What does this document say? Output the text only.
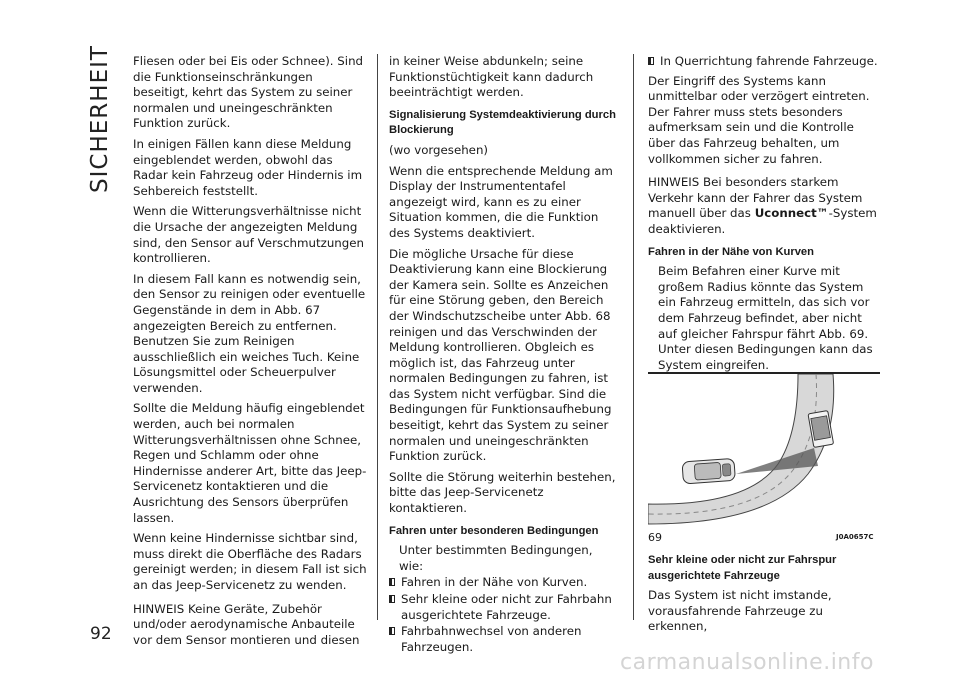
SICHERHEIT Fliesen oder bei Eis oder Schnee). Sind die Funktionseinschränkungen beseitigt, kehrt das System zu seiner normalen und uneingeschränkten Funktion zurück.

In einigen Fällen kann diese Meldung eingeblendet werden, obwohl das Radar kein Fahrzeug oder Hindernis im Sehbereich feststellt.

Wenn die Witterungsverhältnisse nicht die Ursache der angezeigten Meldung sind, den Sensor auf Verschmutzungen kontrollieren.

In diesem Fall kann es notwendig sein, den Sensor zu reinigen oder eventuelle Gegenstände in dem in Abb. 67 angezeigten Bereich zu entfernen. Benutzen Sie zum Reinigen ausschließlich ein weiches Tuch. Keine Lösungsmittel oder Scheuerpulver verwenden.

Sollte die Meldung häufig eingeblendet werden, auch bei normalen Witterungsverhältnissen ohne Schnee, Regen und Schlamm oder ohne Hindernisse anderer Art, bitte das Jeep-Servicenetz kontaktieren und die Ausrichtung des Sensors überprüfen lassen.

Wenn keine Hindernisse sichtbar sind, muss direkt die Oberfläche des Radars gereinigt werden; in diesem Fall ist sich an das Jeep-Servicenetz zu wenden.

HINWEIS Keine Geräte, Zubehör und/oder aerodynamische Anbauteile vor dem Sensor montieren und diesen

in keiner Weise abdunkeln; seine Funktionstüchtigkeit kann dadurch beeinträchtigt werden.

Signalisierung Systemdeaktivierung durch Blockierung

(wo vorgesehen)

Wenn die entsprechende Meldung am Display der Instrumententafel angezeigt wird, kann es zu einer Situation kommen, die die Funktion des Systems deaktiviert.

Die mögliche Ursache für diese Deaktivierung kann eine Blockierung der Kamera sein. Sollte es Anzeichen für eine Störung geben, den Bereich der Windschutzscheibe unter Abb. 68 reinigen und das Verschwinden der Meldung kontrollieren. Obgleich es möglich ist, das Fahrzeug unter normalen Bedingungen zu fahren, ist das System nicht verfügbar. Sind die Bedingungen für Funktionsaufhebung beseitigt, kehrt das System zu seiner normalen und uneingeschränkten Funktion zurück.

Sollte die Störung weiterhin bestehen, bitte das Jeep-Servicenetz kontaktieren.

Fahren unter besonderen Bedingungen

Unter bestimmten Bedingungen, wie:

Fahren in der Nähe von Kurven.
Sehr kleine oder nicht zur Fahrbahn ausgerichtete Fahrzeuge.
Fahrbahnwechsel von anderen Fahrzeugen.
In Querrichtung fahrende Fahrzeuge.

Der Eingriff des Systems kann unmittelbar oder verzögert eintreten. Der Fahrer muss stets besonders aufmerksam sein und die Kontrolle über das Fahrzeug behalten, um vollkommen sicher zu fahren.

HINWEIS Bei besonders starkem Verkehr kann der Fahrer das System manuell über das Uconnect™-System deaktivieren.

Fahren in der Nähe von Kurven

Beim Befahren einer Kurve mit großem Radius könnte das System ein Fahrzeug ermitteln, das sich vor dem Fahrzeug befindet, aber nicht auf gleicher Fahrspur fährt Abb. 69. Unter diesen Bedingungen kann das System eingreifen.

69	J0A0657C

Sehr kleine oder nicht zur Fahrspur ausgerichtete Fahrzeuge

Das System ist nicht imstande, vorausfahrende Fahrzeuge zu erkennen,

92
carmanualsonline.info
